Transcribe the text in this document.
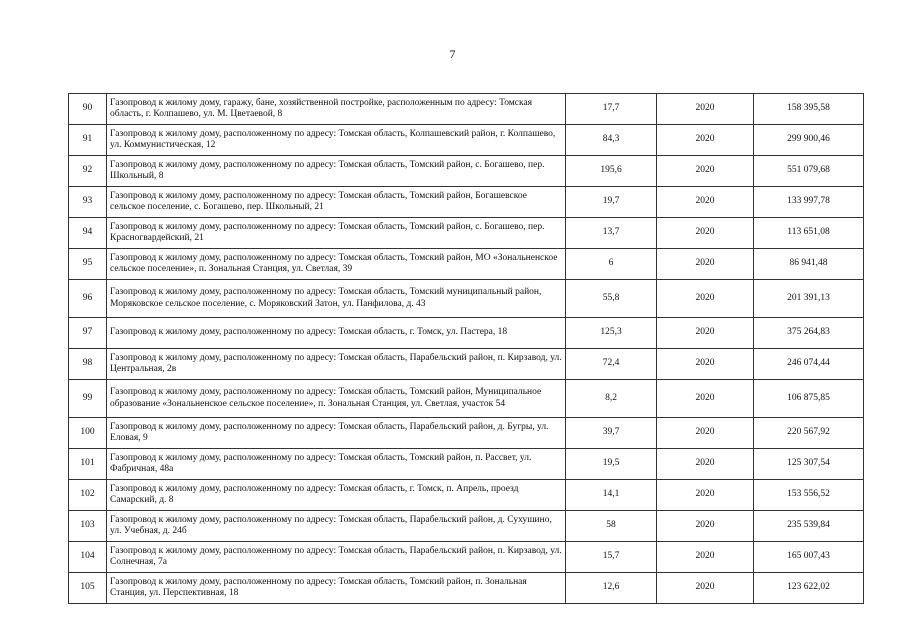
7
90	Газопровод к жилому дому, гаражу, бане, хозяйственной постройке, расположенным по адресу: Томская область, г. Колпашево, ул. М. Цветаевой, 8	17,7	2020	158 395,58
91	Газопровод к жилому дому, расположенному по адресу: Томская область, Колпашевский район, г. Колпашево, ул. Коммунистическая, 12	84,3	2020	299 900,46
92	Газопровод к жилому дому, расположенному по адресу: Томская область, Томский район, с. Богашево, пер. Школьный, 8	195,6	2020	551 079,68
93	Газопровод к жилому дому, расположенному по адресу: Томская область, Томский район, Богашевское сельское поселение, с. Богашево, пер. Школьный, 21	19,7	2020	133 997,78
94	Газопровод к жилому дому, расположенному по адресу: Томская область, Томский район, с. Богашево, пер. Красногвардейский, 21	13,7	2020	113 651,08
95	Газопровод к жилому дому, расположенному по адресу: Томская область, Томский район, МО «Зональненское сельское поселение», п. Зональная Станция, ул. Светлая, 39	6	2020	86 941,48
96	Газопровод к жилому дому, расположенному по адресу: Томская область, Томский муниципальный район, Моряковское сельское поселение, с. Моряковский Затон, ул. Панфилова, д. 43	55,8	2020	201 391,13
97	Газопровод к жилому дому, расположенному по адресу: Томская область, г. Томск, ул. Пастера, 18	125,3	2020	375 264,83
98	Газопровод к жилому дому, расположенному по адресу: Томская область, Парабельский район, п. Кирзавод, ул. Центральная, 2в	72,4	2020	246 074,44
99	Газопровод к жилому дому, расположенному по адресу: Томская область, Томский район, Муниципальное образование «Зональненское сельское поселение», п. Зональная Станция, ул. Светлая, участок 54	8,2	2020	106 875,85
100	Газопровод к жилому дому, расположенному по адресу: Томская область, Парабельский район, д. Бугры, ул. Еловая, 9	39,7	2020	220 567,92
101	Газопровод к жилому дому, расположенному по адресу: Томская область, Томский район, п. Рассвет, ул. Фабричная, 48а	19,5	2020	125 307,54
102	Газопровод к жилому дому, расположенному по адресу: Томская область, г. Томск, п. Апрель, проезд Самарский, д. 8	14,1	2020	153 556,52
103	Газопровод к жилому дому, расположенному по адресу: Томская область, Парабельский район, д. Сухушино, ул. Учебная, д. 24б	58	2020	235 539,84
104	Газопровод к жилому дому, расположенному по адресу: Томская область, Парабельский район, п. Кирзавод, ул. Солнечная, 7а	15,7	2020	165 007,43
105	Газопровод к жилому дому, расположенному по адресу: Томская область, Томский район, п. Зональная Станция, ул. Перспективная, 18	12,6	2020	123 622,02
